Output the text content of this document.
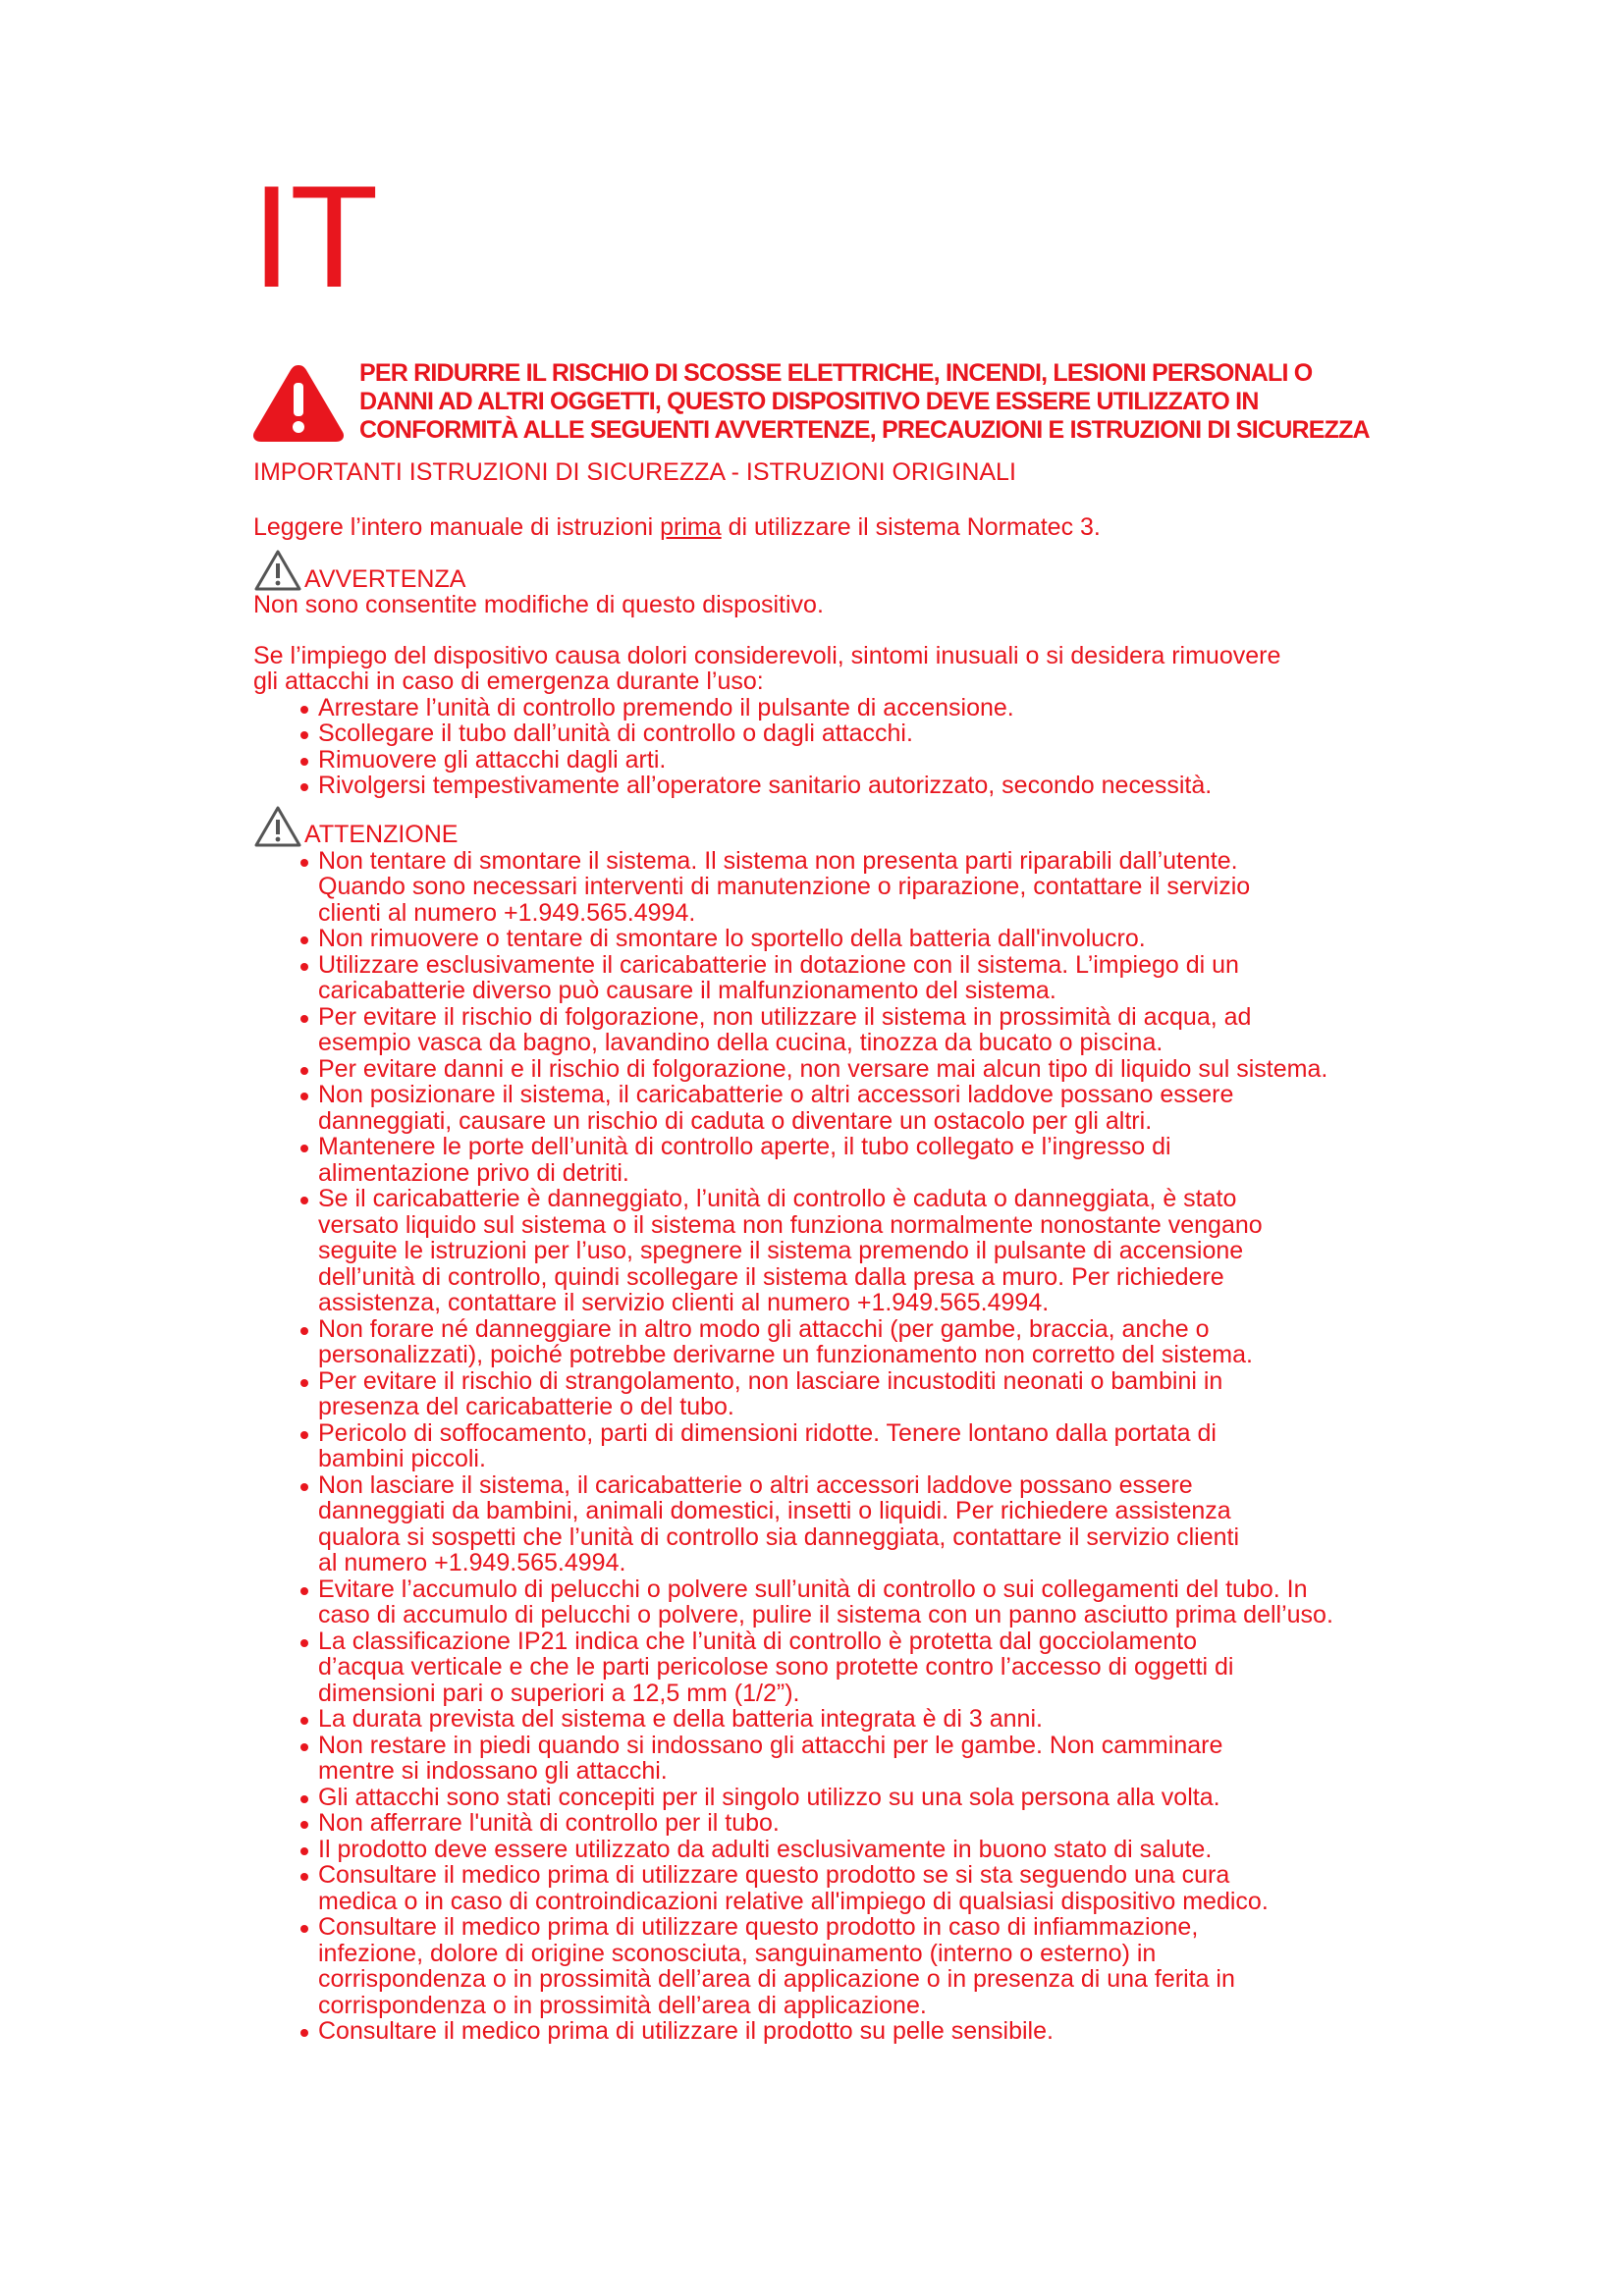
IT
PER RIDURRE IL RISCHIO DI SCOSSE ELETTRICHE, INCENDI, LESIONI PERSONALI O
DANNI AD ALTRI OGGETTI, QUESTO DISPOSITIVO DEVE ESSERE UTILIZZATO IN
CONFORMITÀ ALLE SEGUENTI AVVERTENZE, PRECAUZIONI E ISTRUZIONI DI SICUREZZA

IMPORTANTI ISTRUZIONI DI SICUREZZA - ISTRUZIONI ORIGINALI

Leggere l’intero manuale di istruzioni prima di utilizzare il sistema Normatec 3.

AVVERTENZA

Non sono consentite modifiche di questo dispositivo.

Se l’impiego del dispositivo causa dolori considerevoli, sintomi inusuali o si desidera rimuovere

gli attacchi in caso di emergenza durante l’uso:

Arrestare l’unità di controllo premendo il pulsante di accensione.
Scollegare il tubo dall’unità di controllo o dagli attacchi.
Rimuovere gli attacchi dagli arti.
Rivolgersi tempestivamente all’operatore sanitario autorizzato, secondo necessità.
ATTENZIONE
Non tentare di smontare il sistema. Il sistema non presenta parti riparabili dall’utente.
Quando sono necessari interventi di manutenzione o riparazione, contattare il servizio
clienti al numero +1.949.565.4994.
Non rimuovere o tentare di smontare lo sportello della batteria dall'involucro.
Utilizzare esclusivamente il caricabatterie in dotazione con il sistema. L’impiego di un
caricabatterie diverso può causare il malfunzionamento del sistema.
Per evitare il rischio di folgorazione, non utilizzare il sistema in prossimità di acqua, ad
esempio vasca da bagno, lavandino della cucina, tinozza da bucato o piscina.
Per evitare danni e il rischio di folgorazione, non versare mai alcun tipo di liquido sul sistema.
Non posizionare il sistema, il caricabatterie o altri accessori laddove possano essere
danneggiati, causare un rischio di caduta o diventare un ostacolo per gli altri.
Mantenere le porte dell’unità di controllo aperte, il tubo collegato e l’ingresso di
alimentazione privo di detriti.
Se il caricabatterie è danneggiato, l’unità di controllo è caduta o danneggiata, è stato
versato liquido sul sistema o il sistema non funziona normalmente nonostante vengano
seguite le istruzioni per l’uso, spegnere il sistema premendo il pulsante di accensione
dell’unità di controllo, quindi scollegare il sistema dalla presa a muro. Per richiedere
assistenza, contattare il servizio clienti al numero +1.949.565.4994.
Non forare né danneggiare in altro modo gli attacchi (per gambe, braccia, anche o
personalizzati), poiché potrebbe derivarne un funzionamento non corretto del sistema.
Per evitare il rischio di strangolamento, non lasciare incustoditi neonati o bambini in
presenza del caricabatterie o del tubo.
Pericolo di soffocamento, parti di dimensioni ridotte. Tenere lontano dalla portata di
bambini piccoli.
Non lasciare il sistema, il caricabatterie o altri accessori laddove possano essere
danneggiati da bambini, animali domestici, insetti o liquidi. Per richiedere assistenza
qualora si sospetti che l’unità di controllo sia danneggiata, contattare il servizio clienti
al numero +1.949.565.4994.
Evitare l’accumulo di pelucchi o polvere sull’unità di controllo o sui collegamenti del tubo. In
caso di accumulo di pelucchi o polvere, pulire il sistema con un panno asciutto prima dell’uso.
La classificazione IP21 indica che l’unità di controllo è protetta dal gocciolamento
d’acqua verticale e che le parti pericolose sono protette contro l’accesso di oggetti di
dimensioni pari o superiori a 12,5 mm (1/2”).
La durata prevista del sistema e della batteria integrata è di 3 anni.
Non restare in piedi quando si indossano gli attacchi per le gambe. Non camminare
mentre si indossano gli attacchi.
Gli attacchi sono stati concepiti per il singolo utilizzo su una sola persona alla volta.
Non afferrare l'unità di controllo per il tubo.
Il prodotto deve essere utilizzato da adulti esclusivamente in buono stato di salute.
Consultare il medico prima di utilizzare questo prodotto se si sta seguendo una cura
medica o in caso di controindicazioni relative all'impiego di qualsiasi dispositivo medico.
Consultare il medico prima di utilizzare questo prodotto in caso di infiammazione,
infezione, dolore di origine sconosciuta, sanguinamento (interno o esterno) in
corrispondenza o in prossimità dell’area di applicazione o in presenza di una ferita in
corrispondenza o in prossimità dell’area di applicazione.
Consultare il medico prima di utilizzare il prodotto su pelle sensibile.
